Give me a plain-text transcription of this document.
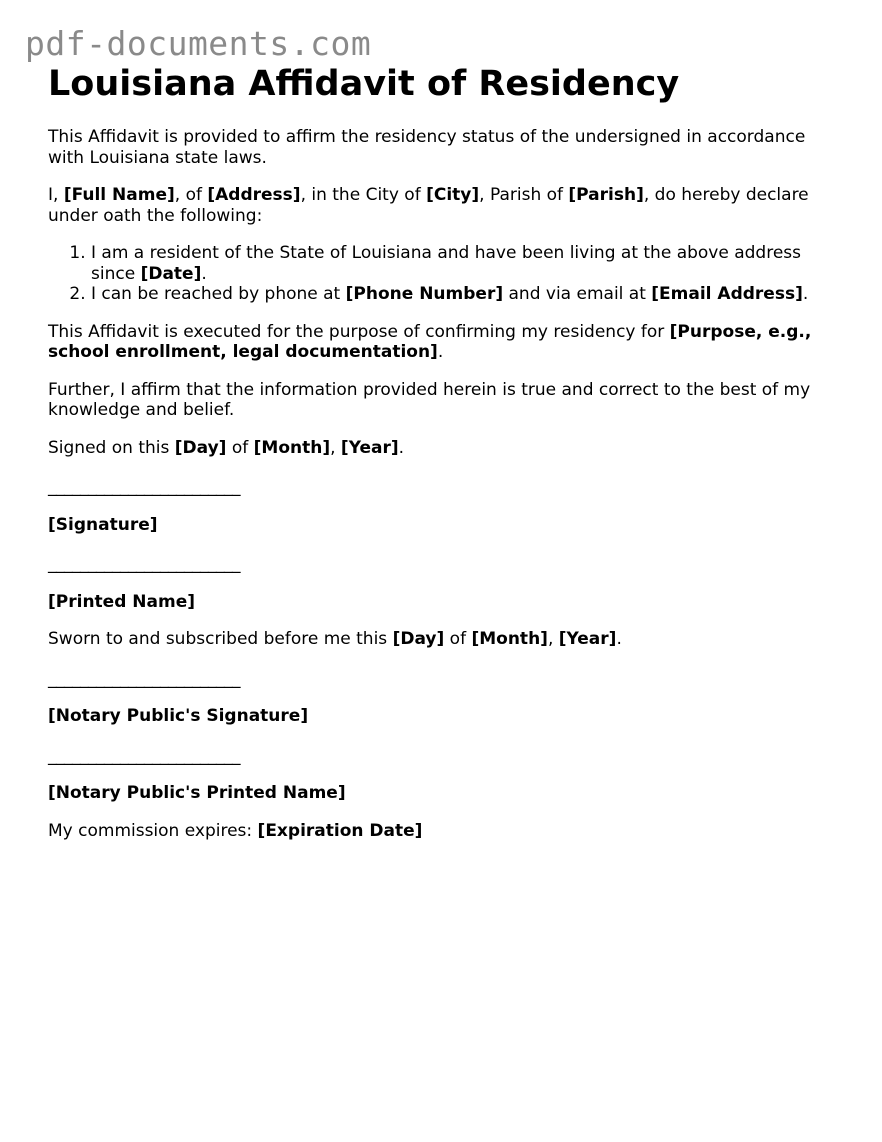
pdf-documents.com
Louisiana Affidavit of Residency

This Affidavit is provided to affirm the residency status of the undersigned in accordance with Louisiana state laws.

I, [Full Name], of [Address], in the City of [City], Parish of [Parish], do hereby declare under oath the following:

1. I am a resident of the State of Louisiana and have been living at the above address since [Date].
2. I can be reached by phone at [Phone Number] and via email at [Email Address].

This Affidavit is executed for the purpose of confirming my residency for [Purpose, e.g., school enrollment, legal documentation].

Further, I affirm that the information provided herein is true and correct to the best of my knowledge and belief.

Signed on this [Day] of [Month], [Year].

________________________

[Signature]

________________________

[Printed Name]

Sworn to and subscribed before me this [Day] of [Month], [Year].

________________________

[Notary Public's Signature]

________________________

[Notary Public's Printed Name]

My commission expires: [Expiration Date]
